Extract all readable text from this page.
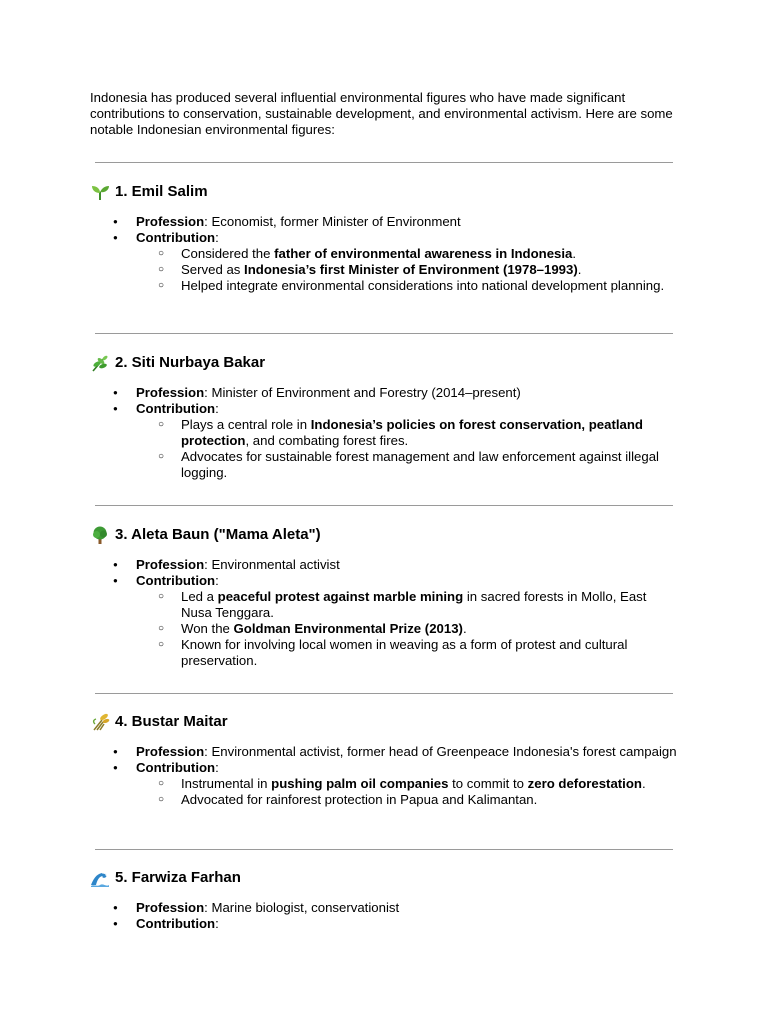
Indonesia has produced several influential environmental figures who have made significant contributions to conservation, sustainable development, and environmental activism. Here are some notable Indonesian environmental figures:

1. Emil Salim
● Profession: Economist, former Minister of Environment
● Contribution:
○ Considered the father of environmental awareness in Indonesia.
○ Served as Indonesia’s first Minister of Environment (1978–1993).
○ Helped integrate environmental considerations into national development planning.
2. Siti Nurbaya Bakar
● Profession: Minister of Environment and Forestry (2014–present)
● Contribution:
○ Plays a central role in Indonesia’s policies on forest conservation, peatland protection, and combating forest fires.
○ Advocates for sustainable forest management and law enforcement against illegal logging.
3. Aleta Baun ("Mama Aleta")
● Profession: Environmental activist
● Contribution:
○ Led a peaceful protest against marble mining in sacred forests in Mollo, East Nusa Tenggara.
○ Won the Goldman Environmental Prize (2013).
○ Known for involving local women in weaving as a form of protest and cultural preservation.
4. Bustar Maitar
● Profession: Environmental activist, former head of Greenpeace Indonesia's forest campaign
● Contribution:
○ Instrumental in pushing palm oil companies to commit to zero deforestation.
○ Advocated for rainforest protection in Papua and Kalimantan.
5. Farwiza Farhan
● Profession: Marine biologist, conservationist
● Contribution:
